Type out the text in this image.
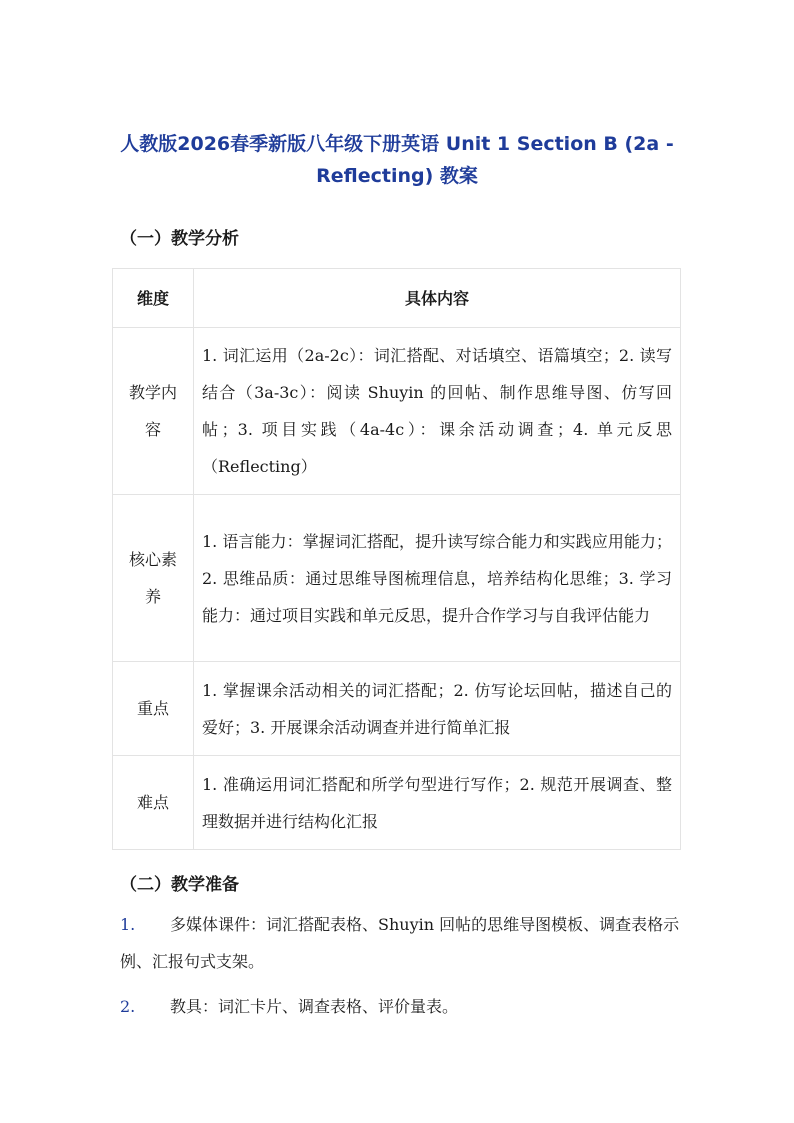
人教版2026春季新版八年级下册英语 Unit 1 Section B (2a -
Reflecting) 教案
（一）教学分析
维度	具体内容
教学内容	1. 词汇运用（2a-2c）：词汇搭配、对话填空、语篇填空；2. 读写结合（3a-3c）：阅读 Shuyin 的回帖、制作思维导图、仿写回帖；3. 项目实践（4a-4c）：课余活动调查；4. 单元反思（Reflecting）
核心素养	1. 语言能力：掌握词汇搭配，提升读写综合能力和实践应用能力；2. 思维品质：通过思维导图梳理信息，培养结构化思维；3. 学习能力：通过项目实践和单元反思，提升合作学习与自我评估能力
重点	1. 掌握课余活动相关的词汇搭配；2. 仿写论坛回帖，描述自己的爱好；3. 开展课余活动调查并进行简单汇报
难点	1. 准确运用词汇搭配和所学句型进行写作；2. 规范开展调查、整理数据并进行结构化汇报
（二）教学准备
1. 多媒体课件：词汇搭配表格、Shuyin 回帖的思维导图模板、调查表格示例、汇报句式支架。
2. 教具：词汇卡片、调查表格、评价量表。
